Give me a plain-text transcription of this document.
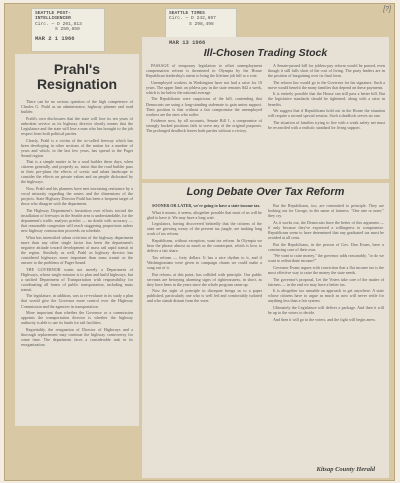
[?]
SEATTLE POST-INTELLIGENCER
Circ. — D 201,813
S 250,850
MAR 2 1 1966
SEATTLE TIMES
Circ. — D 242,807
S 298,498
Prahl's
Resignation

There can be no serious question of the high competence of Charles G. Prahl as an administrator, highway planner and road builder.

Prahl's own disclosures that the state will lose its ten years of unbroken service as its highway director shortly means that the Legislature and the state will lose a man who has brought to the job respect from both political parties.

Clearly, Prahl is a victim of the so-called freeway which has been developing in other sections of the nation for a number of years and which, in the last few years, has spread to the Puget Sound region.

That is a simple matter to be a road builder these days, when citizens generally, and properly so, insist that the road builder pass in their pre-plans the effects of scenic and urban landscape to consider the effects on private values and on people dislocated by the highways.

Now, Prahl and his planners have met increasing resistance by a vocal minority regarding the routes and the dimensions of the projects. State Highway Director Prahl has been a frequent target of those who disagree with the department.

The Highway Department's frustration over efforts toward the installation of freeways in the Seattle area is understandable, for the department's traffic analysts predict — no doubt with accuracy — that reasonable congestion will reach staggering proportions unless new highway construction proceeds on schedule.

What has intensified urban criticism of the highway department more than any other single factor has been the department's negative attitude toward development of mass rail rapid transit in the region. Similarly as well, Prahl as highway director has considered highways more important than mass transit as the answer to the problems of Puget Sound.

THE GOVERNOR wants not merely a Department of Highways, whose single mission is to plan and build highways, but a unified Department of Transportation with responsibility for coordinating all forms of public transportation, including mass transit.

The legislature, in addition, was to re-evaluate in its study a plan that would give the Governor more control over the Highway Commission and the agencies in transportation.

More important than whether the Governor or a commission appoints the transportation director is whether the highway authority is able to use its funds for rail facilities.

Regrettably, the resignation of Director of Highways and a thorough replacement may continue the highway controversy for some time. The department faces a considerable task in its reorganization.

MAR 13 1966
Ill-Chosen Trading Stock

PASSAGE of temporary legislation to offset unemployment compensation reform is threatened in Olympia by the House Republican leadership's intent to bring the lifetime job bill to a vote.

Unemployed workers in Washington have not had a raise for 10 years. The upper limit on jobless pay in the state remains $42 a week, which is far below the national average.

The Republicans were suspicious of the bill, contending that Democrats are using a long-standing stalemate to gain union support. Their position is that without a fair compromise the unemployed workers are the ones who suffer.

Evidence now, by all accounts, Senate Bill 1, a compromise of strongly backed positions fails to serve any of the original purposes. The prolonged deadlock leaves both parties without a victory.

A Senate-passed bill for jobless-pay reform would be passed, even though it still falls short of the cost of living. The party leaders are in the position of bargaining over its final form.

The reform law would go to the Governor for his signature. Such a move would benefit the many families that depend on these payments.

It is entirely possible that the House can still pass a better bill. But the legislative standards should be tightened, along with a raise in benefits.

We suggest that if Republicans hold out in the House the situation will require a second special session. Such a deadlock serves no one.

The situation of families trying to live with a weak safety net must be reconciled with a realistic standard for living support.

Long Debate Over Tax Reform

SOONER OR LATER, we're going to have a state income tax.

What it means, it seems, altogether possible that most of us will be glad to have it. We may have a long wait.

Legislators, having discovered belatedly that the citizens of the state are growing weary of the present tax jungle, are making long work of tax reform.

Republicans, without exception, want tax reform. In Olympia we hear the phrase almost as much as the counterpart, which is how to deliver a fair share.

Tax reform — forty dollars. It has a nice rhythm to it, and if Washingtonians were given to campaign chants we could make a song out of it.

But reform, at this point, has collided with principle. Our public servants are betraying alarming signs of righteousness, in short, as they have been in the years since the whole program came up.

Now the sight of principle in disrepute brings us to a paper published, particularly one who is well fed and comfortably isolated and who stands distant from the voter.

But the Republicans, too, are committed to principle. They are looking out for George, in the name of fairness. "One rate or none," they cry.

As it works out, the Democrats have the better of this argument — if only because they've expressed a willingness to compromise. Republicans seem to have determined that any graduated tax must be avoided at all costs.

But the Republicans, in the person of Gov. Dan Evans, have a convincing case of their own.

"We want to raise money," the governor adds reasonably, "or do we want to redistribute income?"

Governor Evans argues with conviction that a flat income tax is the most effective way to raise the money the state needs.

The governor's proposal, Let the Voters take care of the matter of fairness — in the end we may have a better tax.

It is altogether too unstable an approach to get anywhere. A state whose citizens have to argue as much as now will never settle for anything less than a fair system.

Ultimately the Legislature will deliver a package. And then it will be up to the voters to decide.

And then it will go to the voters, and the fight will begin anew.

Kitsap County Herald
